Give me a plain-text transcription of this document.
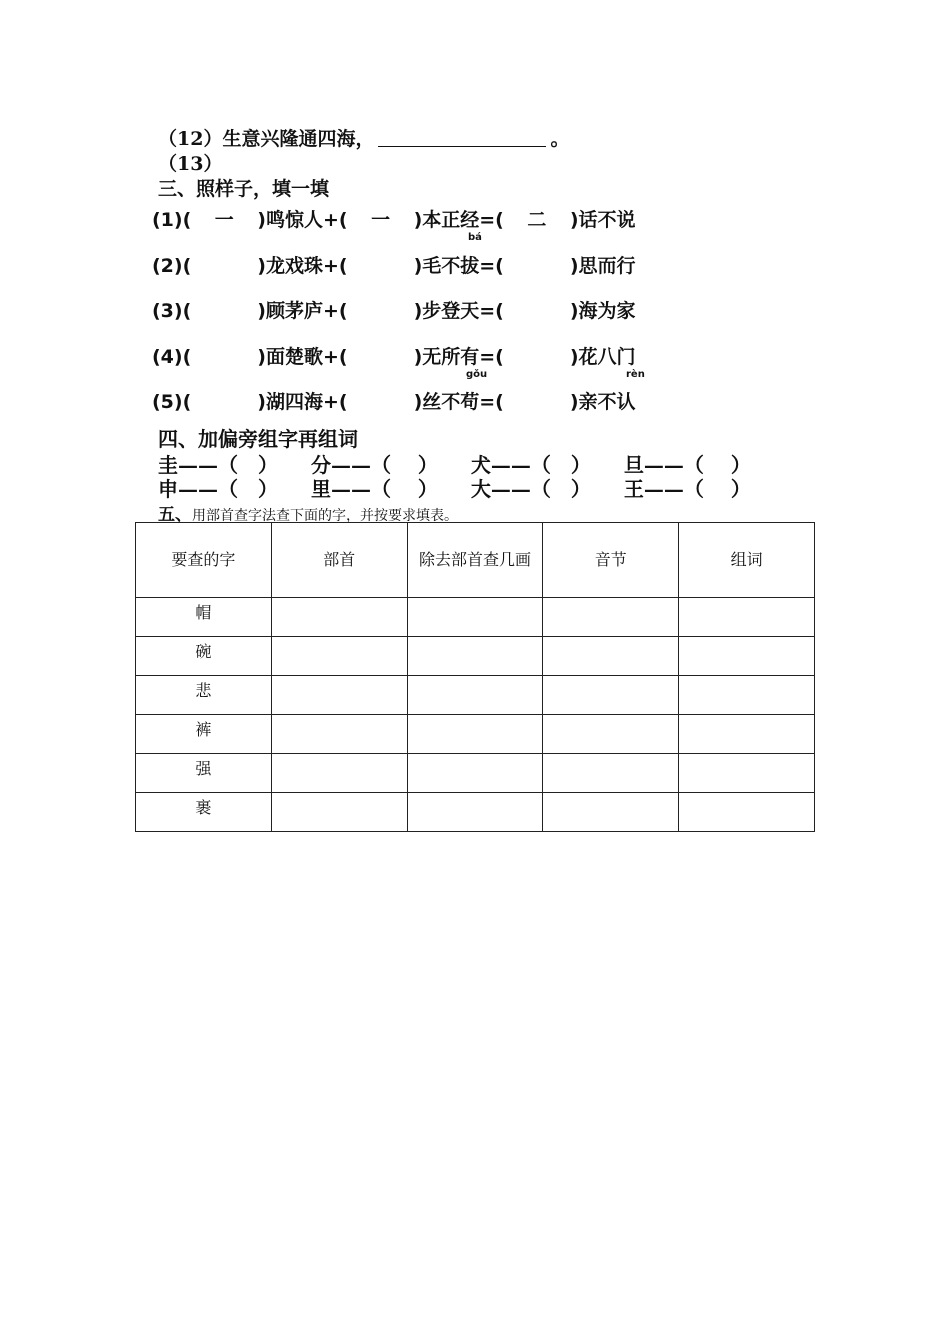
（12）生意兴隆通四海，	。
（13）
三、照样子，填一填
(1)( 一 )鸣惊人+( 一 )本正经=( 二 )话不说
bá
(2)(	)龙戏珠+(	)毛不拔=(	)思而行
(3)(	)顾茅庐+(	)步登天=(	)海为家
(4)(	)面楚歌+(	)无所有=(	)花八门
gǒu	rèn
(5)(	)湖四海+(	)丝不苟=(	)亲不认
四、加偏旁组字再组词
圭——（　） 分——（　 ） 犬——（　） 旦——（　 ）
申——（　） 里——（　 ） 大——（　） 王——（　 ）
五、用部首查字法查下面的字，并按要求填表。
要查的字	部首	除去部首查几画	音节	组词
帽				
碗				
悲				
裤				
强				
裹				
